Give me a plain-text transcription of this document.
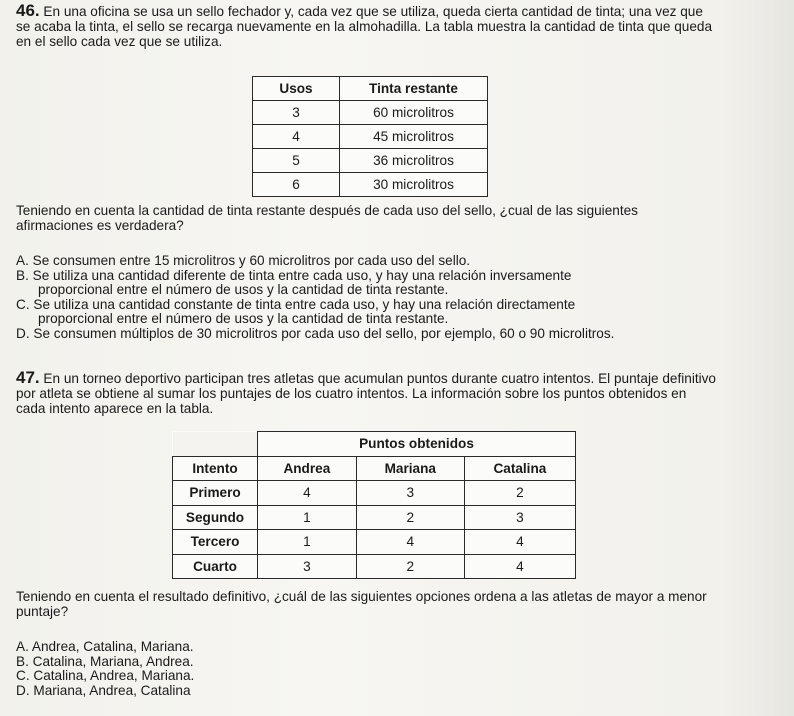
46. En una oficina se usa un sello fechador y, cada vez que se utiliza, queda cierta cantidad de tinta; una vez que se acaba la tinta, el sello se recarga nuevamente en la almohadilla. La tabla muestra la cantidad de tinta que queda en el sello cada vez que se utiliza.

Usos	Tinta restante
3	60 microlitros
4	45 microlitros
5	36 microlitros
6	30 microlitros

Teniendo en cuenta la cantidad de tinta restante después de cada uso del sello, ¿cual de las siguientes afirmaciones es verdadera?

A. Se consumen entre 15 microlitros y 60 microlitros por cada uso del sello.

B. Se utiliza una cantidad diferente de tinta entre cada uso, y hay una relación inversamente
proporcional entre el número de usos y la cantidad de tinta restante.

C. Se utiliza una cantidad constante de tinta entre cada uso, y hay una relación directamente
proporcional entre el número de usos y la cantidad de tinta restante.

D. Se consumen múltiplos de 30 microlitros por cada uso del sello, por ejemplo, 60 o 90 microlitros.

47. En un torneo deportivo participan tres atletas que acumulan puntos durante cuatro intentos. El puntaje definitivo por atleta se obtiene al sumar los puntajes de los cuatro intentos. La información sobre los puntos obtenidos en cada intento aparece en la tabla.

	Puntos obtenidos		
Intento	Andrea	Mariana	Catalina
Primero	4	3	2
Segundo	1	2	3
Tercero	1	4	4
Cuarto	3	2	4

Teniendo en cuenta el resultado definitivo, ¿cuál de las siguientes opciones ordena a las atletas de mayor a menor puntaje?

A. Andrea, Catalina, Mariana.

B. Catalina, Mariana, Andrea.

C. Catalina, Andrea, Mariana.

D. Mariana, Andrea, Catalina
